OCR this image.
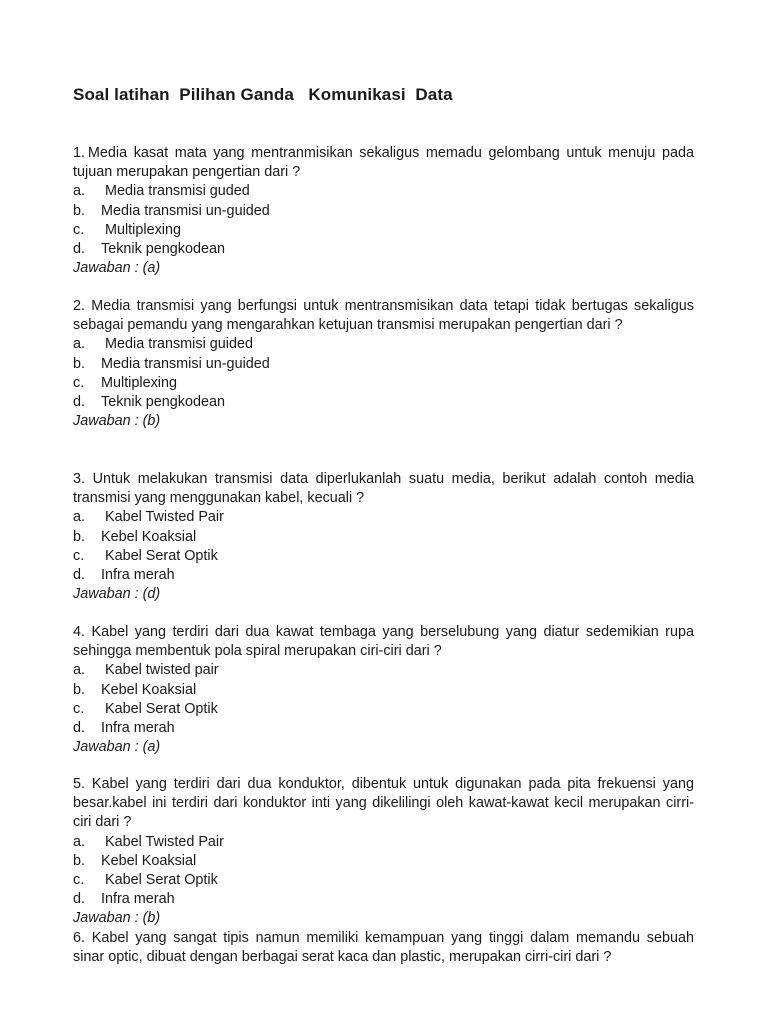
Soal latihan  Pilihan Ganda   Komunikasi  Data
1. Media kasat mata yang mentranmisikan sekaligus memadu gelombang untuk menuju pada tujuan merupakan pengertian dari ?
a. Media transmisi guded
b. Media transmisi un-guided
c. Multiplexing
d. Teknik pengkodean
Jawaban : (a)
2. Media transmisi yang berfungsi untuk mentransmisikan data tetapi tidak bertugas sekaligus sebagai pemandu yang mengarahkan ketujuan transmisi merupakan pengertian dari ?
a. Media transmisi guided
b. Media transmisi un-guided
c. Multiplexing
d. Teknik pengkodean
Jawaban : (b)
3. Untuk melakukan transmisi data diperlukanlah suatu media, berikut adalah contoh media transmisi yang menggunakan kabel, kecuali ?
a. Kabel Twisted Pair
b. Kebel Koaksial
c. Kabel Serat Optik
d. Infra merah
Jawaban : (d)
4. Kabel yang terdiri dari dua kawat tembaga yang berselubung yang diatur sedemikian rupa sehingga membentuk pola spiral merupakan ciri-ciri dari ?
a. Kabel twisted pair
b. Kebel Koaksial
c. Kabel Serat Optik
d. Infra merah
Jawaban : (a)
5. Kabel yang terdiri dari dua konduktor, dibentuk untuk digunakan pada pita frekuensi yang besar.kabel ini terdiri dari konduktor inti yang dikelilingi oleh kawat-kawat kecil merupakan cirri-ciri dari ?
a. Kabel Twisted Pair
b. Kebel Koaksial
c. Kabel Serat Optik
d. Infra merah
Jawaban : (b)
6. Kabel yang sangat tipis namun memiliki kemampuan yang tinggi dalam memandu sebuah sinar optic, dibuat dengan berbagai serat kaca dan plastic, merupakan cirri-ciri dari ?
